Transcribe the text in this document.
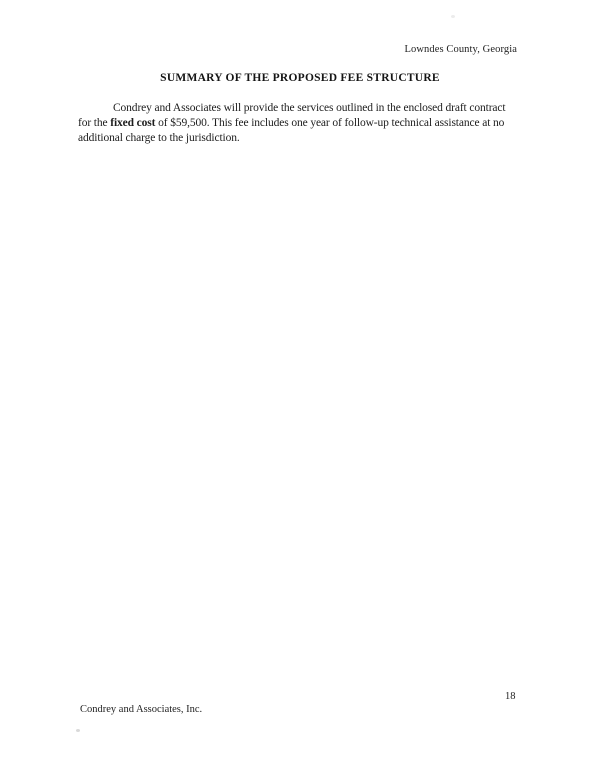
Lowndes County, Georgia
SUMMARY OF THE PROPOSED FEE STRUCTURE
Condrey and Associates will provide the services outlined in the enclosed draft contract
for the fixed cost of $59,500. This fee includes one year of follow-up technical assistance at no
additional charge to the jurisdiction.
Condrey and Associates, Inc.
18
